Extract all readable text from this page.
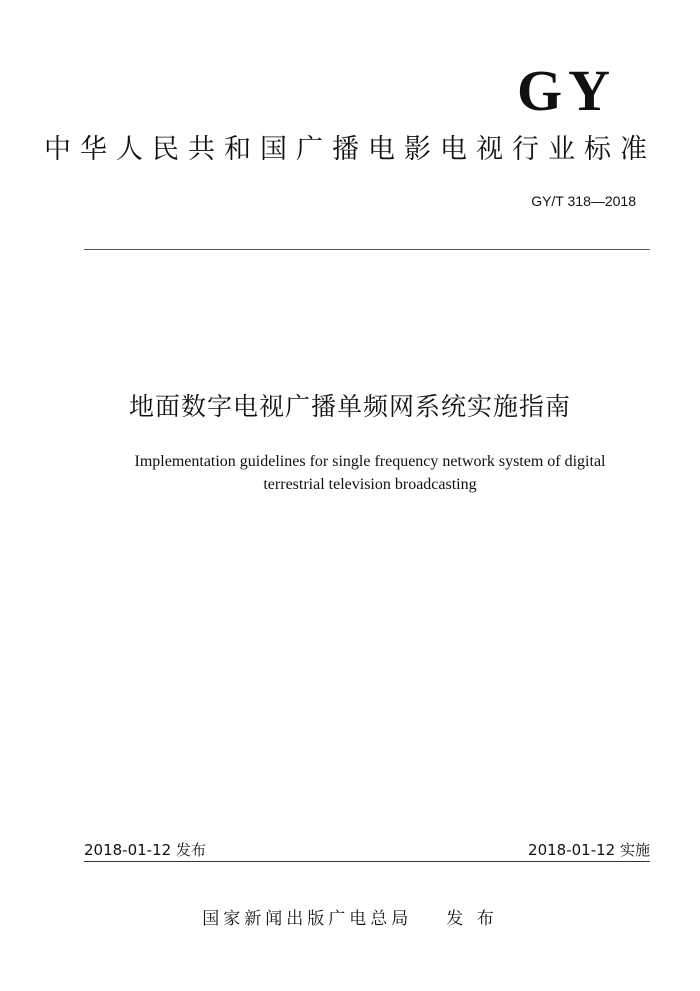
GY
中华人民共和国广播电影电视行业标准
GY/T 318—2018
地面数字电视广播单频网系统实施指南
Implementation guidelines for single frequency network system of digital
terrestrial television broadcasting
2018-01-12 发布	2018-01-12 实施
国家新闻出版广电总局 发 布
